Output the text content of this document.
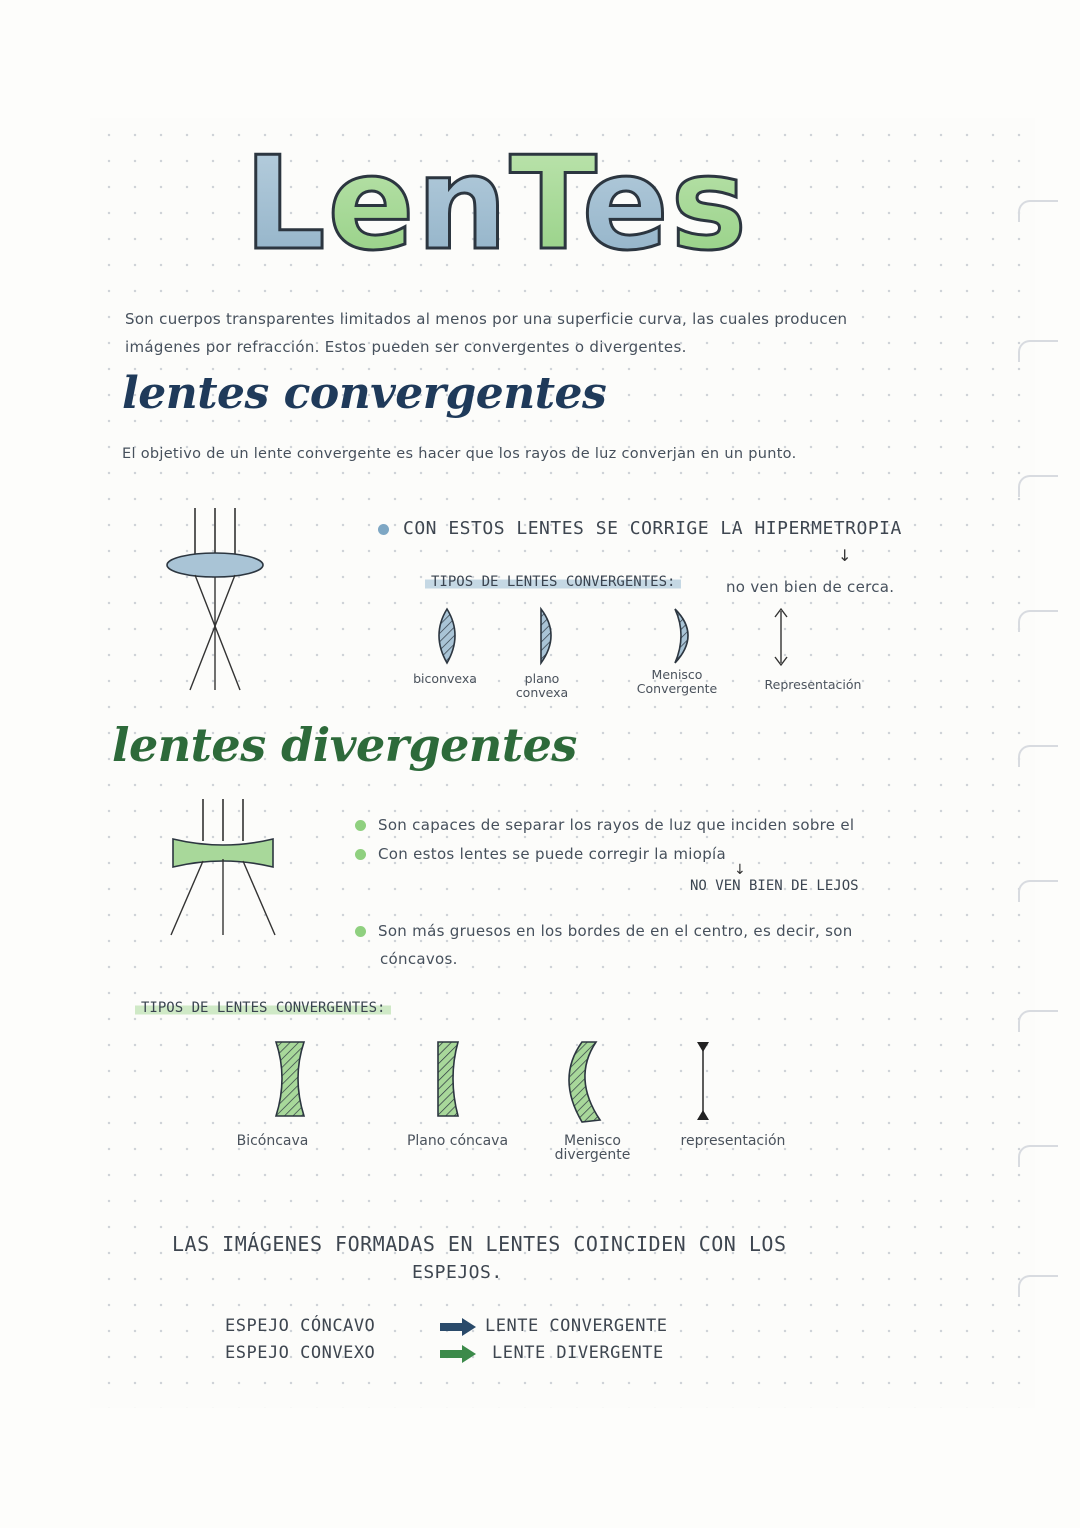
LenTes
Son cuerpos transparentes limitados al menos por una superficie curva, las cuales producen
imágenes por refracción. Estos pueden ser convergentes o divergentes.
lentes convergentes
El objetivo de un lente convergente es hacer que los rayos de luz converjan en un punto.
CON ESTOS LENTES SE CORRIGE LA HIPERMETROPIA
↓
TIPOS DE LENTES CONVERGENTES:	no ven bien de cerca.
biconvexa	plano
convexa
Menisco
Convergente	Representación

lentes divergentes
Son capaces de separar los rayos de luz que inciden sobre el
Con estos lentes se puede corregir la miopía
↓
NO VEN BIEN DE LEJOS
Son más gruesos en los bordes de en el centro, es decir, son
cóncavos.
TIPOS DE LENTES CONVERGENTES:
Bicóncava	Plano cóncava	Menisco
divergente
representación
LAS IMÁGENES FORMADAS EN LENTES COINCIDEN CON LOS
ESPEJOS.
ESPEJO CÓNCAVO	LENTE CONVERGENTE
ESPEJO CONVEXO	LENTE DIVERGENTE
